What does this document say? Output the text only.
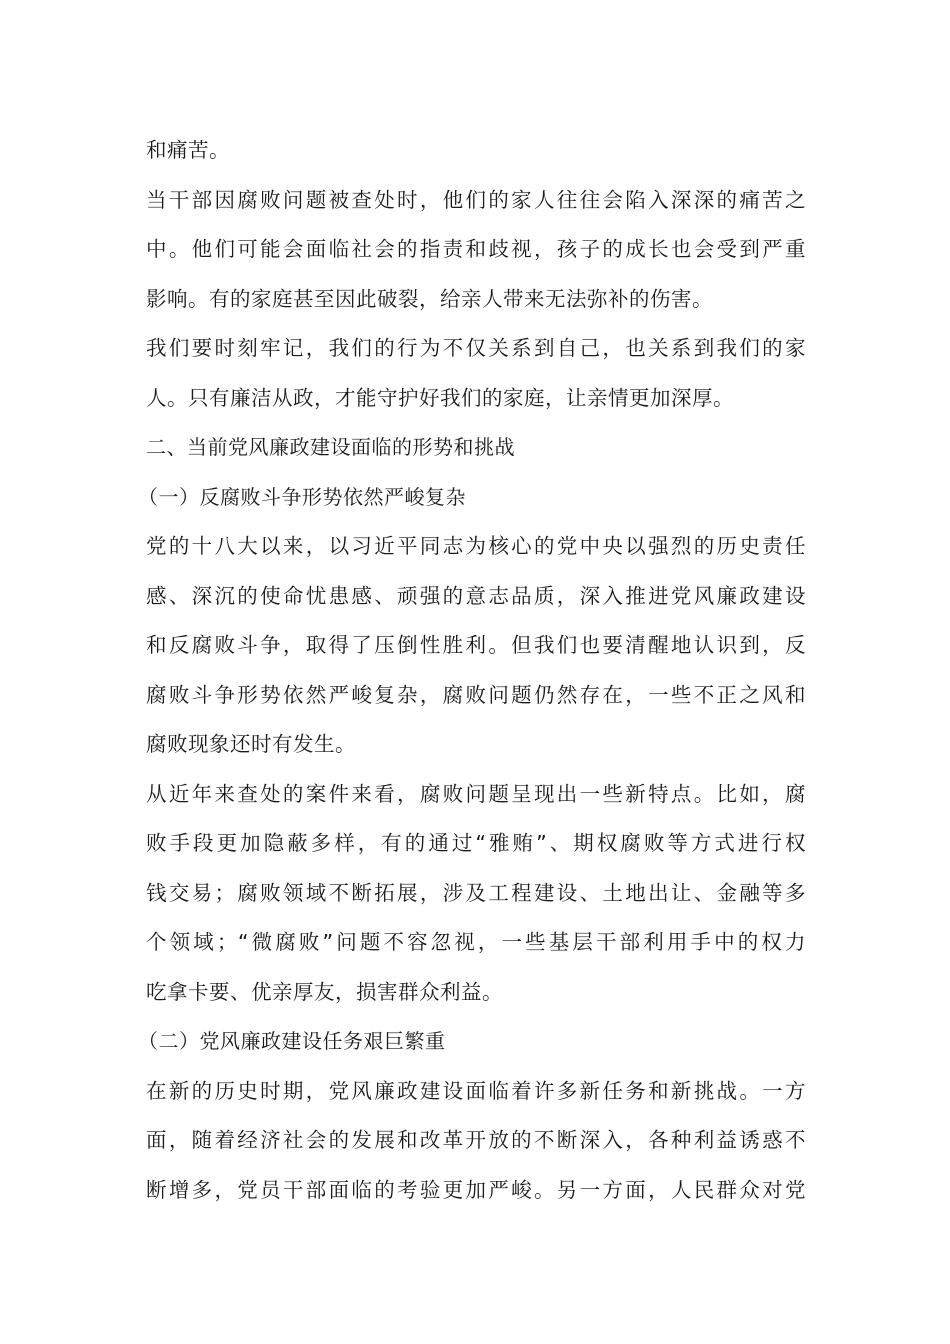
和痛苦。
当干部因腐败问题被查处时，他们的家人往往会陷入深深的痛苦之
中。他们可能会面临社会的指责和歧视，孩子的成长也会受到严重
影响。有的家庭甚至因此破裂，给亲人带来无法弥补的伤害。
我们要时刻牢记，我们的行为不仅关系到自己，也关系到我们的家
人。只有廉洁从政，才能守护好我们的家庭，让亲情更加深厚。
二、当前党风廉政建设面临的形势和挑战
（一）反腐败斗争形势依然严峻复杂
党的十八大以来，以习近平同志为核心的党中央以强烈的历史责任
感、深沉的使命忧患感、顽强的意志品质，深入推进党风廉政建设
和反腐败斗争，取得了压倒性胜利。但我们也要清醒地认识到，反
腐败斗争形势依然严峻复杂，腐败问题仍然存在，一些不正之风和
腐败现象还时有发生。
从近年来查处的案件来看，腐败问题呈现出一些新特点。比如，腐
败手段更加隐蔽多样，有的通过“雅贿”、期权腐败等方式进行权
钱交易；腐败领域不断拓展，涉及工程建设、土地出让、金融等多
个领域；“微腐败”问题不容忽视，一些基层干部利用手中的权力
吃拿卡要、优亲厚友，损害群众利益。
（二）党风廉政建设任务艰巨繁重
在新的历史时期，党风廉政建设面临着许多新任务和新挑战。一方
面，随着经济社会的发展和改革开放的不断深入，各种利益诱惑不
断增多，党员干部面临的考验更加严峻。另一方面，人民群众对党
